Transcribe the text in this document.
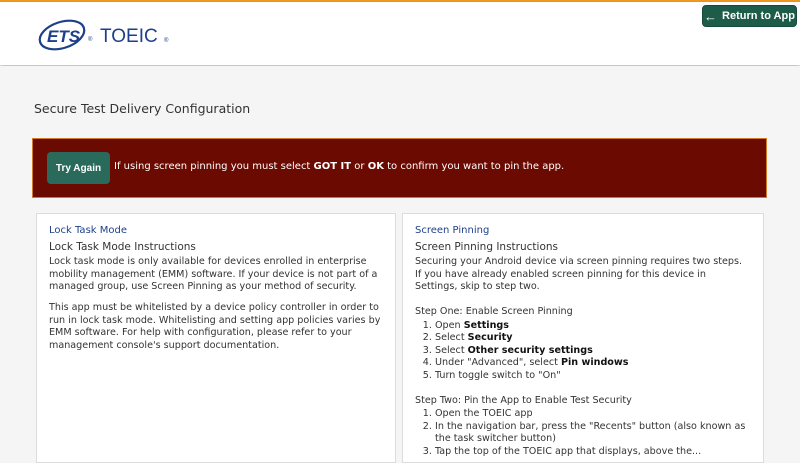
ETS ® TOEIC ®
← Return to App
Secure Test Delivery Configuration
Try Again	If using screen pinning you must select GOT IT or OK to confirm you want to pin the app.
Lock Task Mode
Lock Task Mode Instructions

Lock task mode is only available for devices enrolled in enterprise mobility management (EMM) software. If your device is not part of a managed group, use Screen Pinning as your method of security.

This app must be whitelisted by a device policy controller in order to run in lock task mode. Whitelisting and setting app policies varies by EMM software. For help with configuration, please refer to your management console's support documentation.

Screen Pinning
Screen Pinning Instructions

Securing your Android device via screen pinning requires two steps. If you have already enabled screen pinning for this device in Settings, skip to step two.

Step One: Enable Screen Pinning
1. Open Settings
2. Select Security
3. Select Other security settings
4. Under "Advanced", select Pin windows
5. Turn toggle switch to "On"
Step Two: Pin the App to Enable Test Security
1. Open the TOEIC app
2. In the navigation bar, press the "Recents" button (also known as the task switcher button)
3. Tap the top of the TOEIC app that displays, above the...
